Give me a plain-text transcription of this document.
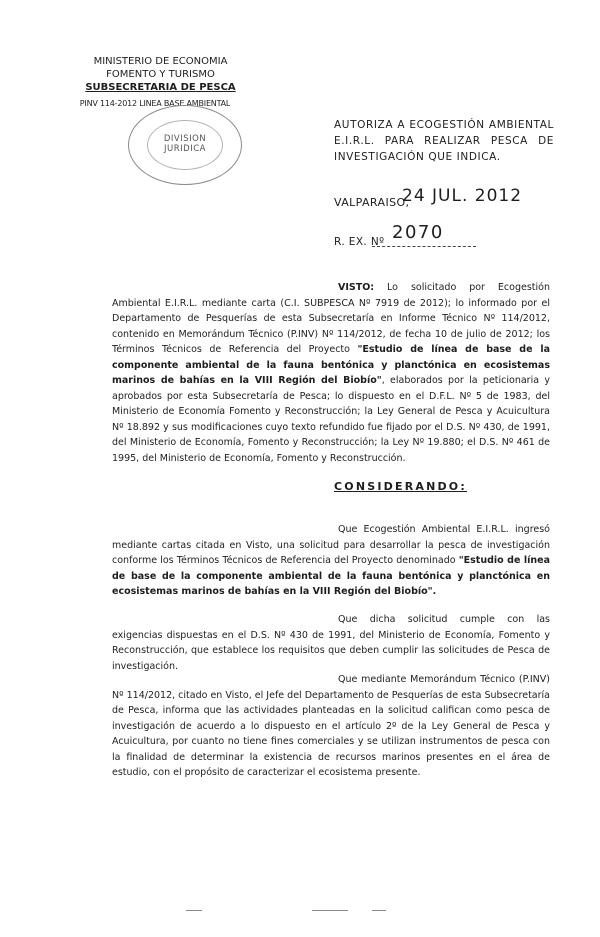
MINISTERIO DE ECONOMIA
FOMENTO Y TURISMO
SUBSECRETARIA DE PESCA
PINV 114-2012 LINEA BASE AMBIENTAL
DIVISION
JURIDICA
AUTORIZA A ECOGESTIÓN AMBIENTAL E.I.R.L. PARA REALIZAR PESCA DE INVESTIGACIÓN QUE INDICA.
VALPARAISO,
24 JUL. 2012
R. EX. Nº 2070
VISTO: Lo solicitado por Ecogestión Ambiental E.I.R.L. mediante carta (C.I. SUBPESCA Nº 7919 de 2012); lo informado por el Departamento de Pesquerías de esta Subsecretaría en Informe Técnico Nº 114/2012, contenido en Memorándum Técnico (P.INV) Nº 114/2012, de fecha 10 de julio de 2012; los Términos Técnicos de Referencia del Proyecto "Estudio de línea de base de la componente ambiental de la fauna bentónica y planctónica en ecosistemas marinos de bahías en la VIII Región del Biobío", elaborados por la peticionaria y aprobados por esta Subsecretaría de Pesca; lo dispuesto en el D.F.L. Nº 5 de 1983, del Ministerio de Economía Fomento y Reconstrucción; la Ley General de Pesca y Acuicultura Nº 18.892 y sus modificaciones cuyo texto refundido fue fijado por el D.S. Nº 430, de 1991, del Ministerio de Economía, Fomento y Reconstrucción; la Ley Nº 19.880; el D.S. Nº 461 de 1995, del Ministerio de Economía, Fomento y Reconstrucción.
CONSIDERANDO:
Que Ecogestión Ambiental E.I.R.L. ingresó mediante cartas citada en Visto, una solicitud para desarrollar la pesca de investigación conforme los Términos Técnicos de Referencia del Proyecto denominado "Estudio de línea de base de la componente ambiental de la fauna bentónica y planctónica en ecosistemas marinos de bahías en la VIII Región del Biobío".
Que dicha solicitud cumple con las exigencias dispuestas en el D.S. Nº 430 de 1991, del Ministerio de Economía, Fomento y Reconstrucción, que establece los requisitos que deben cumplir las solicitudes de Pesca de investigación.
Que mediante Memorándum Técnico (P.INV) Nº 114/2012, citado en Visto, el Jefe del Departamento de Pesquerías de esta Subsecretaría de Pesca, informa que las actividades planteadas en la solicitud califican como pesca de investigación de acuerdo a lo dispuesto en el artículo 2º de la Ley General de Pesca y Acuicultura, por cuanto no tiene fines comerciales y se utilizan instrumentos de pesca con la finalidad de determinar la existencia de recursos marinos presentes en el área de estudio, con el propósito de caracterizar el ecosistema presente.
